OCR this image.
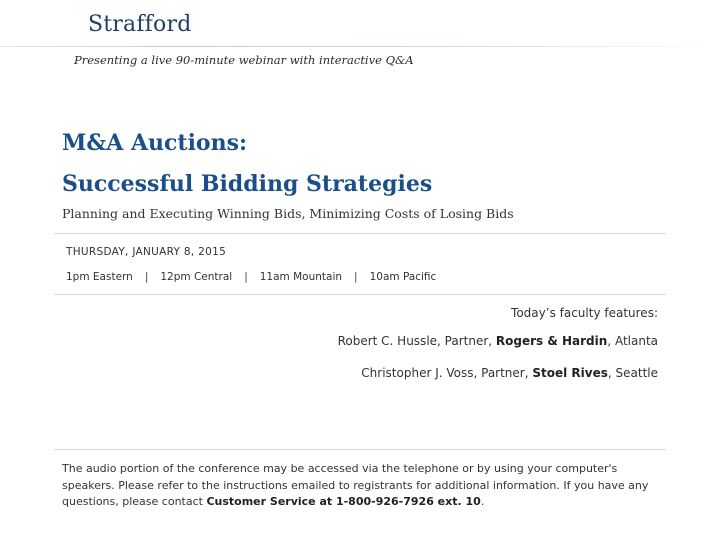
Strafford
Presenting a live 90-minute webinar with interactive Q&A
M&A Auctions:
Successful Bidding Strategies
Planning and Executing Winning Bids, Minimizing Costs of Losing Bids
THURSDAY, JANUARY 8, 2015
1pm Eastern | 12pm Central | 11am Mountain | 10am Pacific
Today’s faculty features:
Robert C. Hussle, Partner, Rogers & Hardin, Atlanta
Christopher J. Voss, Partner, Stoel Rives, Seattle
The audio portion of the conference may be accessed via the telephone or by using your computer's speakers. Please refer to the instructions emailed to registrants for additional information. If you have any questions, please contact Customer Service at 1-800-926-7926 ext. 10.
